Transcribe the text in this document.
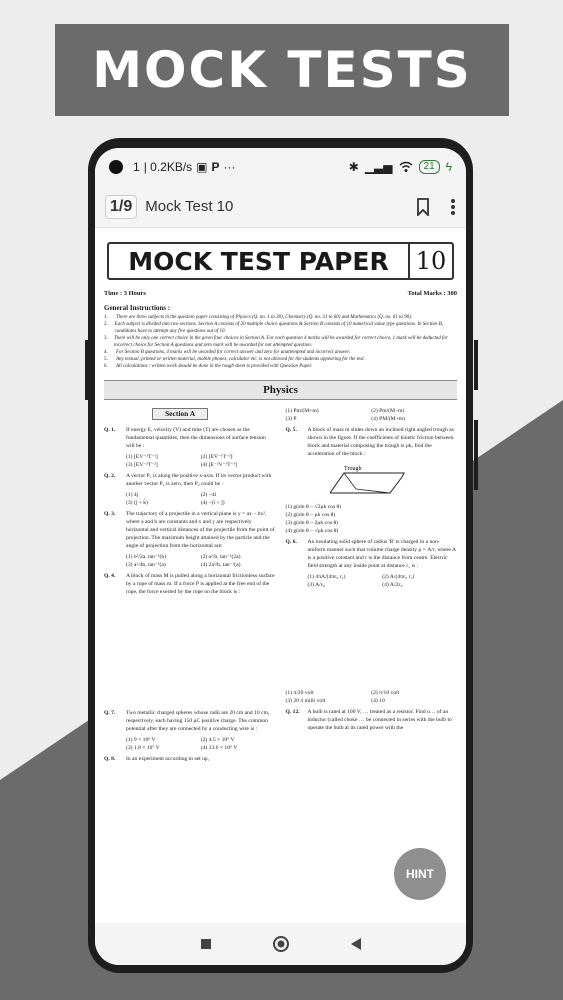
MOCK TESTS
1 | 0.2KB/s ▣ P ···	✱ ▁▃▅	21 ϟ
1/9 Mock Test 10
MOCK TEST PAPER	10
Time : 3 Hours	Total Marks : 300
General Instructions :
1.	There are three subjects in the question paper consisting of Physics (Q. no. 1 to 30), Chemistry (Q. no. 31 to 60) and Mathematics (Q. no. 61 to 90).
2. Each subject is divided into two sections. Section A consists of 20 multiple choice questions & Section B consists of 10 numerical value type questions. In Section B, candidates have to attempt any five questions out of 10.
3. There will be only one correct choice in the given four choices in Section A. For each question 4 marks will be awarded for correct choice, 1 mark will be deducted for incorrect choice for Section A questions and zero mark will be awarded for not attempted question.
4.	For Section B questions, 4 marks will be awarded for correct answer and zero for unattempted and incorrect answer.
5.	Any textual, printed or written material, mobile phones, calculator etc. is not allowed for the students appearing for the test.
6.	All calculations / written work should be done in the rough sheet is provided with Question Paper.
Physics
Section A
Q. 1.	If energy E, velocity (V) and time (T) are chosen as the fundamental quantities, then the dimensions of surface tension will be :
(1) [EV⁻²T⁻¹]	(2) [EV⁻¹T⁻²]
(3) [EV⁻²T⁻²]	(4) [E⁻²V⁻¹T⁻³]
Q. 2.	A vector P₁ is along the positive x-axis. If its vector product with another vector P₂ is zero, then P₂ could be :
(1) 4ĵ	(2) −4î
(3) (ĵ + k̂)	(4) −(î + ĵ)
Q. 3.	The trajectory of a projectile in a vertical plane is y = ax − bx², where a and b are constants and x and y are respectively horizontal and vertical distances of the projectile from the point of projection. The maximum height attained by the particle and the angle of projection from the horizontal are:
(1) b²/2a, tan⁻¹(b)	(2) a²/b, tan⁻¹(2a)
(3) a²/4b, tan⁻¹(a)	(4) 2a²/b, tan⁻¹(a)
Q. 4.	A block of mass M is pulled along a horizontal frictionless surface by a rope of mass m. If a force P is applied at the free end of the rope, the force exerted by the rope on the block is :
Q. 7.	Two metallic charged spheres whose radii are 20 cm and 10 cm, respectively, each having 150 μC positive charge. The common potential after they are connected by a conducting wire is :
(1) 9 × 10⁶ V	(2) 4.5 × 10⁶ V
(3) 1.8 × 10⁷ V	(4) 13.6 × 10⁶ V
Q. 8.	In an experiment according to set up,
(1) Pm/(M+m)	(2) Pm/(M−m)
(3) P	(4) PM/(M+m)
Q. 5.	A block of mass m slides down an inclined right angled trough as shown in the figure. If the coefficients of kinetic friction between block and material composing the trough is μk, find the acceleration of the block :
Trough
(1) g(sin θ − √2μk cos θ)
(2) g(sin θ − μk cos θ)
(3) g(sin θ − 2μk cos θ)
(4) g(sin θ − √μk cos θ)
Q. 6.	An insulating solid sphere of radius 'R' is charged in a non-uniform manner such that volume charge density ρ = A/r, where A is a positive constant and r is the distance from centre. Electric field strength at any inside point at distance r₁ is :
(1) 4πA/(4πε₀ r₁)	(2) A/(4πε₀ r₁)
(3) A/ε₀	(4) A/2ε₀
(1) π/20 volt	(2) π/10 volt
(3) 20 π milli volt	(4) 10
Q. 12.	A bulb is rated at 100 V, … treated as a resistor. Find o… of an inductor (called choke … be connected in series with the bulb to operate the bulb at its rated power with the
HINT
